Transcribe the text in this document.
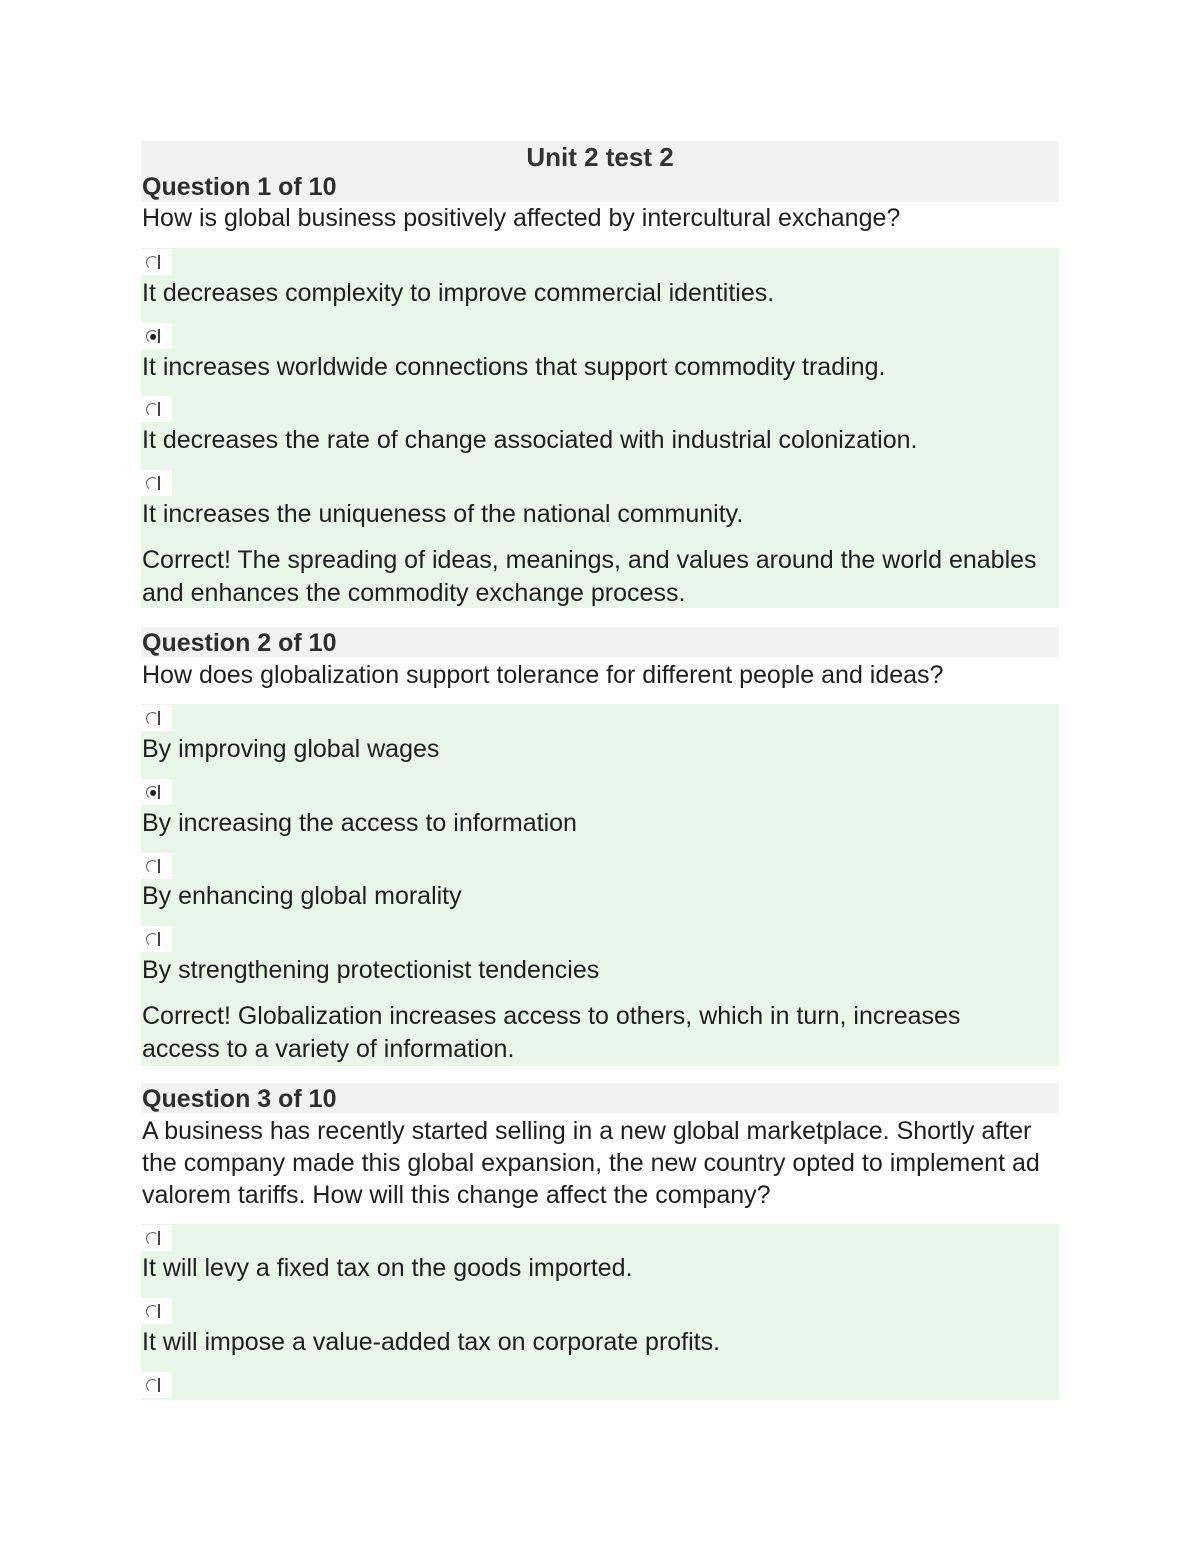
Unit 2 test 2
Question 1 of 10
How is global business positively affected by intercultural exchange?
It decreases complexity to improve commercial identities.
It increases worldwide connections that support commodity trading.
It decreases the rate of change associated with industrial colonization.
It increases the uniqueness of the national community.
Correct! The spreading of ideas, meanings, and values around the world enables and enhances the commodity exchange process.
Question 2 of 10
How does globalization support tolerance for different people and ideas?
By improving global wages
By increasing the access to information
By enhancing global morality
By strengthening protectionist tendencies
Correct! Globalization increases access to others, which in turn, increases access to a variety of information.
Question 3 of 10
A business has recently started selling in a new global marketplace. Shortly after the company made this global expansion, the new country opted to implement ad valorem tariffs. How will this change affect the company?
It will levy a fixed tax on the goods imported.
It will impose a value-added tax on corporate profits.
